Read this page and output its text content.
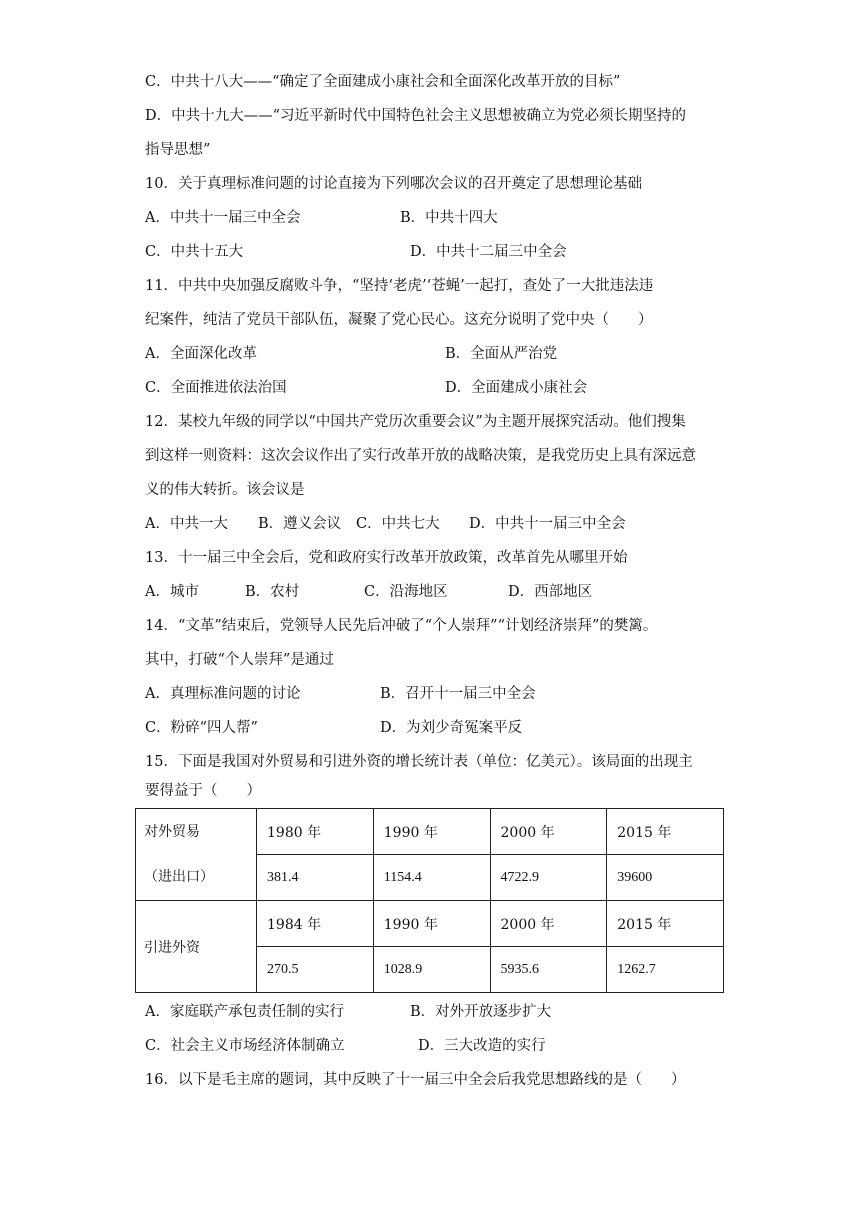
C．中共十八大——“确定了全面建成小康社会和全面深化改革开放的目标”
D．中共十九大——“习近平新时代中国特色社会主义思想被确立为党必须长期坚持的
指导思想”
10．关于真理标准问题的讨论直接为下列哪次会议的召开奠定了思想理论基础
A．中共十一届三中全会	B．中共十四大
C．中共十五大	D．中共十二届三中全会
11．中共中央加强反腐败斗争，“坚持‘老虎’‘苍蝇’一起打，查处了一大批违法违
纪案件，纯洁了党员干部队伍，凝聚了党心民心。这充分说明了党中央（　　）
A．全面深化改革	B．全面从严治党
C．全面推进依法治国	D．全面建成小康社会
12．某校九年级的同学以“中国共产党历次重要会议”为主题开展探究活动。他们搜集
到这样一则资料：这次会议作出了实行改革开放的战略决策，是我党历史上具有深远意
义的伟大转折。该会议是
A．中共一大 B．遵义会议 C．中共七大 D．中共十一届三中全会
13．十一届三中全会后，党和政府实行改革开放政策，改革首先从哪里开始
A．城市	B．农村	C．沿海地区	D．西部地区
14．“文革”结束后，党领导人民先后冲破了“个人崇拜”“计划经济崇拜”的樊篱。
其中，打破“个人崇拜”是通过
A．真理标准问题的讨论	B．召开十一届三中全会
C．粉碎“四人帮”	D．为刘少奇冤案平反
15．下面是我国对外贸易和引进外资的增长统计表（单位：亿美元）。该局面的出现主
要得益于（　　）
对外贸易
（进出口）	1980 年	1990 年	2000 年	2015 年
	381.4	1154.4	4722.9	39600
引进外资	1984 年	1990 年	2000 年	2015 年
	270.5	1028.9	5935.6	1262.7
A．家庭联产承包责任制的实行	B．对外开放逐步扩大
C．社会主义市场经济体制确立	D．三大改造的实行
16．以下是毛主席的题词，其中反映了十一届三中全会后我党思想路线的是（　　）
